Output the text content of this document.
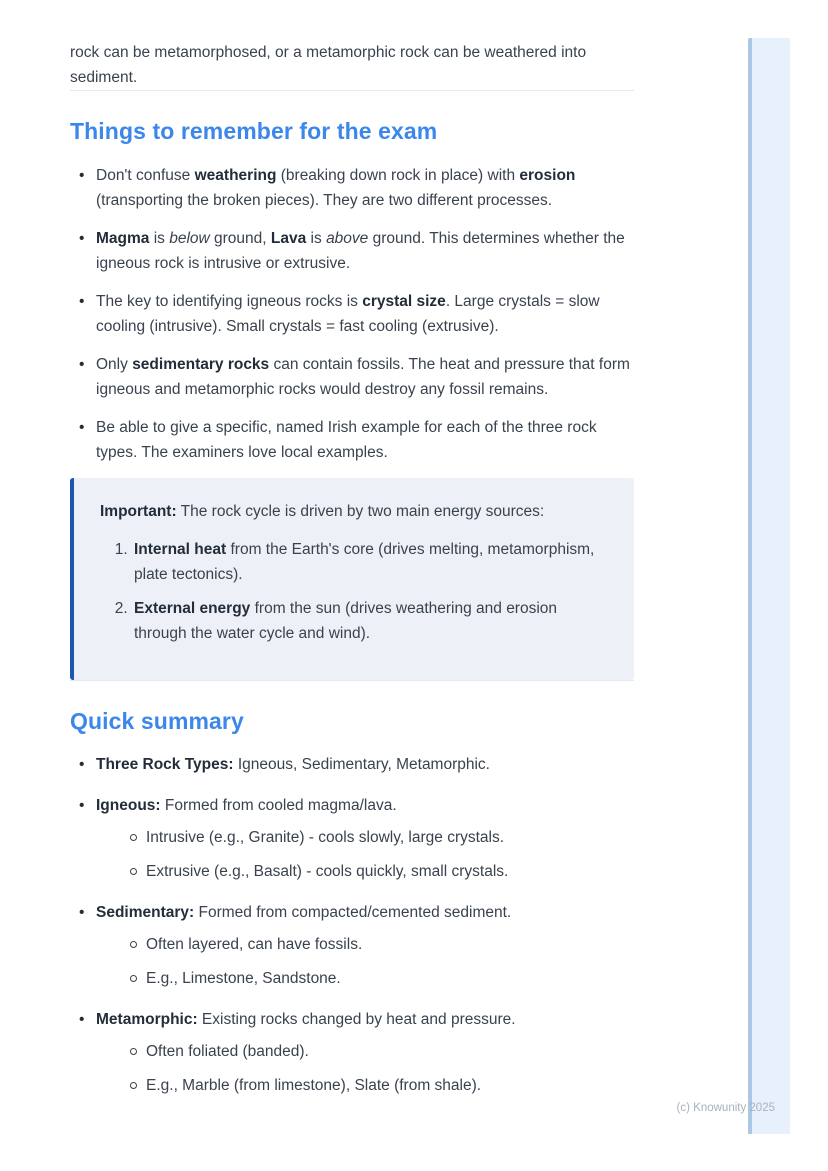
rock can be metamorphosed, or a metamorphic rock can be weathered into sediment.

Things to remember for the exam
• Don't confuse weathering (breaking down rock in place) with erosion (transporting the broken pieces). They are two different processes.
• Magma is below ground, Lava is above ground. This determines whether the igneous rock is intrusive or extrusive.
• The key to identifying igneous rocks is crystal size. Large crystals = slow cooling (intrusive). Small crystals = fast cooling (extrusive).
• Only sedimentary rocks can contain fossils. The heat and pressure that form igneous and metamorphic rocks would destroy any fossil remains.
• Be able to give a specific, named Irish example for each of the three rock types. The examiners love local examples.

Important: The rock cycle is driven by two main energy sources:

1. Internal heat from the Earth's core (drives melting, metamorphism, plate tectonics).
2. External energy from the sun (drives weathering and erosion through the water cycle and wind).
Quick summary
• Three Rock Types: Igneous, Sedimentary, Metamorphic.
• Igneous: Formed from cooled magma/lava.
Intrusive (e.g., Granite) - cools slowly, large crystals.
Extrusive (e.g., Basalt) - cools quickly, small crystals.
• Sedimentary: Formed from compacted/cemented sediment.
Often layered, can have fossils.
E.g., Limestone, Sandstone.
• Metamorphic: Existing rocks changed by heat and pressure.
Often foliated (banded).
E.g., Marble (from limestone), Slate (from shale).
(c) Knowunity 2025
